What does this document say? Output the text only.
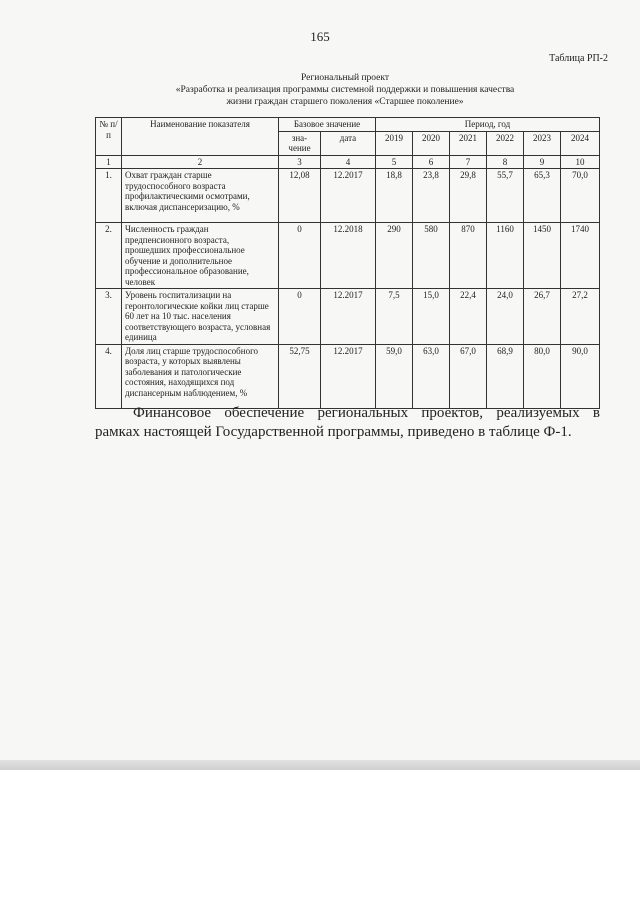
165
Таблица РП-2
Региональный проект
«Разработка и реализация программы системной поддержки и повышения качества
жизни граждан старшего поколения «Старшее поколение»
№ п/п	Наименование показателя	Базовое значение		Период, год					
		зна-чение	дата	2019	2020	2021	2022	2023	2024
1	2	3	4	5	6	7	8	9	10
1.	Охват граждан старше трудоспособного возраста профилактическими осмотрами, включая диспансеризацию, %	12,08	12.2017	18,8	23,8	29,8	55,7	65,3	70,0
2.	Численность граждан предпенсионного возраста, прошедших профессиональное обучение и дополнительное профессиональное образование, человек	0	12.2018	290	580	870	1160	1450	1740
3.	Уровень госпитализации на геронтологические койки лиц старше 60 лет на 10 тыс. населения соответствующего возраста, условная единица	0	12.2017	7,5	15,0	22,4	24,0	26,7	27,2
4.	Доля лиц старше трудоспособного возраста, у которых выявлены заболевания и патологические состояния, находящихся под диспансерным наблюдением, %	52,75	12.2017	59,0	63,0	67,0	68,9	80,0	90,0
Финансовое обеспечение региональных проектов, реализуемых в рамках настоящей Государственной программы, приведено в таблице Ф-1.
